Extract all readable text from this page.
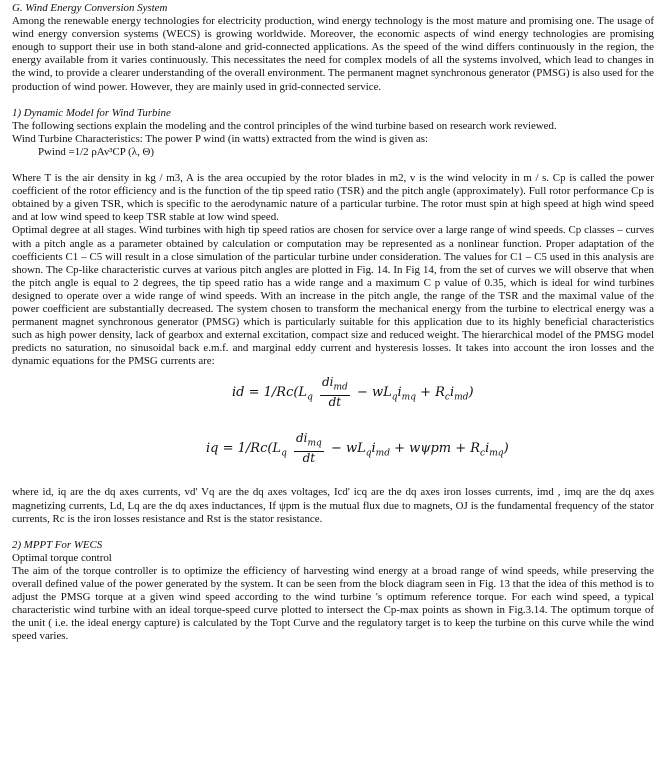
G. Wind Energy Conversion System

Among the renewable energy technologies for electricity production, wind energy technology is the most mature and promising one. The usage of wind energy conversion systems (WECS) is growing worldwide. Moreover, the economic aspects of wind energy technologies are promising enough to support their use in both stand-alone and grid-connected applications. As the speed of the wind differs continuously in the region, the energy available from it varies continuously. This necessitates the need for complex models of all the systems involved, which lead to changes in the wind, to provide a clearer understanding of the overall environment. The permanent magnet synchronous generator (PMSG) is also used for the production of wind power. However, they are mainly used in grid-connected service.

1) Dynamic Model for Wind Turbine

The following sections explain the modeling and the control principles of the wind turbine based on research work reviewed.

Wind Turbine Characteristics: The power P wind (in watts) extracted from the wind is given as:

Pwind =1/2 ρAv³CP (λ, Θ)

Where T is the air density in kg / m3, A is the area occupied by the rotor blades in m2, v is the wind velocity in m / s. Cp is called the power coefficient of the rotor efficiency and is the function of the tip speed ratio (TSR) and the pitch angle (approximately). Full rotor performance Cp is obtained by a given TSR, which is specific to the aerodynamic nature of a particular turbine. The rotor must spin at high speed at high wind speed and at low wind speed to keep TSR stable at low wind speed.

Optimal degree at all stages. Wind turbines with high tip speed ratios are chosen for service over a large range of wind speeds. Cp classes – curves with a pitch angle as a parameter obtained by calculation or computation may be represented as a nonlinear function. Proper adaptation of the coefficients C1 – C5 will result in a close simulation of the particular turbine under consideration. The values for C1 – C5 used in this analysis are shown. The Cp-like characteristic curves at various pitch angles are plotted in Fig. 14. In Fig 14, from the set of curves we will observe that when the pitch angle is equal to 2 degrees, the tip speed ratio has a wide range and a maximum C p value of 0.35, which is ideal for wind turbines designed to operate over a wide range of wind speeds. With an increase in the pitch angle, the range of the TSR and the maximal value of the power coefficient are substantially decreased. The system chosen to transform the mechanical energy from the turbine to electrical energy was a permanent magnet synchronous generator (PMSG) which is particularly suitable for this application due to its highly beneficial characteristics such as high power density, lack of gearbox and external excitation, compact size and reduced weight. The hierarchical model of the PMSG model predicts no saturation, no sinusoidal back e.m.f. and marginal eddy current and hysteresis losses. It takes into account the iron losses and the dynamic equations for the PMSG currents are:

id = $1/Rc(L_q \frac{di_{md}}{dt} - wL_qi_{mq} + R_ci_{md})$
iq = $1/Rc(L_q \frac{di_{mq}}{dt} - wL_qi_{md} + w\psi pm + R_ci_{mq})$

where id, iq are the dq axes currents, vd' Vq are the dq axes voltages, Icd' icq are the dq axes iron losses currents, imd , imq are the dq axes magnetizing currents, Ld, Lq are the dq axes inductances, If ψpm is the mutual flux due to magnets, OJ is the fundamental frequency of the stator currents, Rc is the iron losses resistance and Rst is the stator resistance.

2) MPPT For WECS

Optimal torque control

The aim of the torque controller is to optimize the efficiency of harvesting wind energy at a broad range of wind speeds, while preserving the overall defined value of the power generated by the system. It can be seen from the block diagram seen in Fig. 13 that the idea of this method is to adjust the PMSG torque at a given wind speed according to the wind turbine 's optimum reference torque. For each wind speed, a typical characteristic wind turbine with an ideal torque-speed curve plotted to intersect the Cp-max points as shown in Fig.3.14. The optimum torque of the unit ( i.e. the ideal energy capture) is calculated by the Topt Curve and the regulatory target is to keep the turbine on this curve while the wind speed varies.
